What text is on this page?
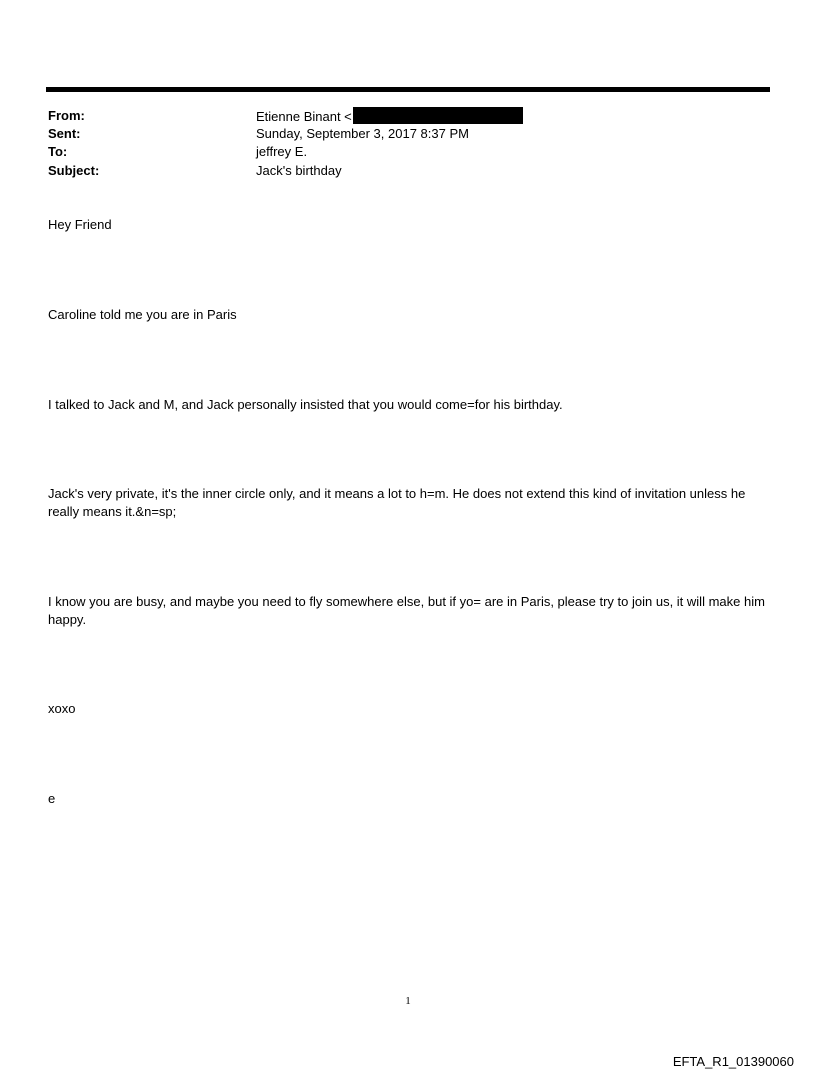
From:	Etienne Binant <
Sent:	Sunday, September 3, 2017 8:37 PM
To:	jeffrey E.
Subject:	Jack's birthday

Hey Friend

Caroline told me you are in Paris

I talked to Jack and M, and Jack personally insisted that you would come=for his birthday.

Jack's very private, it's the inner circle only, and it means a lot to h=m. He does not extend this kind of invitation unless he really means it.&n=sp;

I know you are busy, and maybe you need to fly somewhere else, but if yo= are in Paris, please try to join us, it will make him happy.

xoxo

e

1
EFTA_R1_01390060
